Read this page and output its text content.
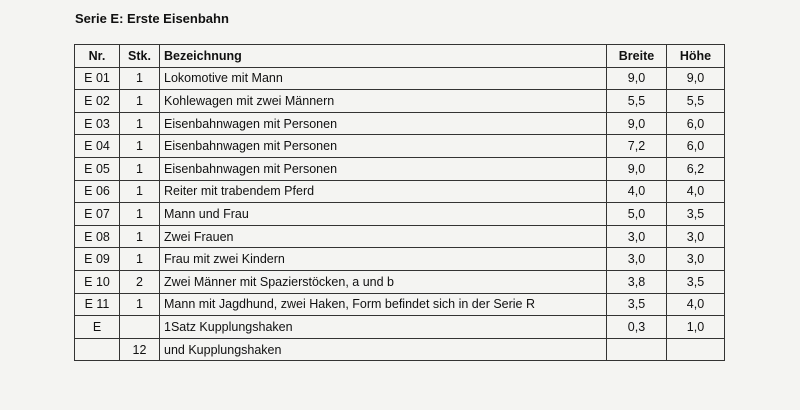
Serie E: Erste Eisenbahn
Nr.	Stk.	Bezeichnung	Breite	Höhe
E 01	1	Lokomotive mit Mann	9,0	9,0
E 02	1	Kohlewagen mit zwei Männern	5,5	5,5
E 03	1	Eisenbahnwagen mit Personen	9,0	6,0
E 04	1	Eisenbahnwagen mit Personen	7,2	6,0
E 05	1	Eisenbahnwagen mit Personen	9,0	6,2
E 06	1	Reiter mit trabendem Pferd	4,0	4,0
E 07	1	Mann und Frau	5,0	3,5
E 08	1	Zwei Frauen	3,0	3,0
E 09	1	Frau mit zwei Kindern	3,0	3,0
E 10	2	Zwei Männer mit Spazierstöcken, a und b	3,8	3,5
E 11	1	Mann mit Jagdhund, zwei Haken, Form befindet sich in der Serie R	3,5	4,0
E		1Satz Kupplungshaken	0,3	1,0
	12	und Kupplungshaken		
